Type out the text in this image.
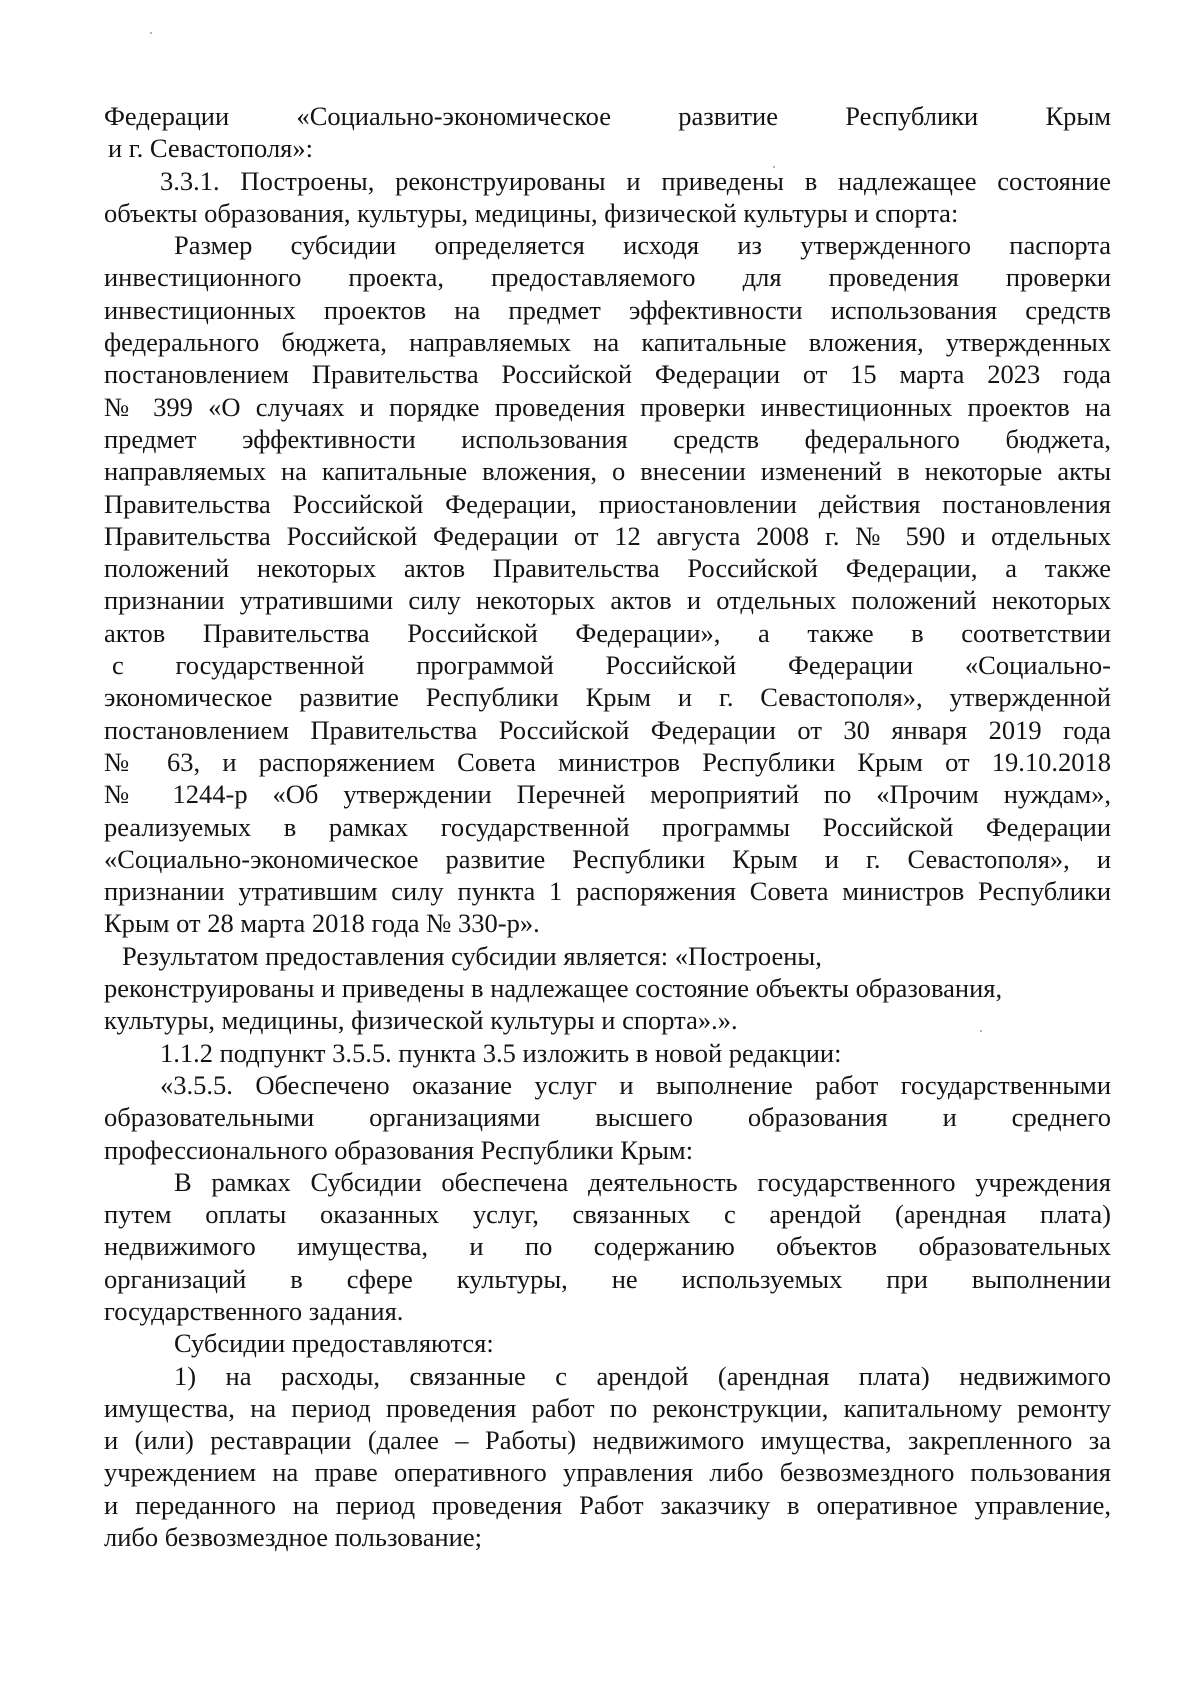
Федерации «Социально-экономическое развитие Республики Крым
и г. Севастополя»:
3.3.1. Построены, реконструированы и приведены в надлежащее состояние
объекты образования, культуры, медицины, физической культуры и спорта:
Размер субсидии определяется исходя из утвержденного паспорта
инвестиционного проекта, предоставляемого для проведения проверки
инвестиционных проектов на предмет эффективности использования средств
федерального бюджета, направляемых на капитальные вложения, утвержденных
постановлением Правительства Российской Федерации от 15 марта 2023 года
№ 399 «О случаях и порядке проведения проверки инвестиционных проектов на
предмет эффективности использования средств федерального бюджета,
направляемых на капитальные вложения, о внесении изменений в некоторые акты
Правительства Российской Федерации, приостановлении действия постановления
Правительства Российской Федерации от 12 августа 2008 г. № 590 и отдельных
положений некоторых актов Правительства Российской Федерации, а также
признании утратившими силу некоторых актов и отдельных положений некоторых
актов Правительства Российской Федерации», а также в соответствии
с государственной программой Российской Федерации «Социально-
экономическое развитие Республики Крым и г. Севастополя», утвержденной
постановлением Правительства Российской Федерации от 30 января 2019 года
№ 63, и распоряжением Совета министров Республики Крым от 19.10.2018
№ 1244-р «Об утверждении Перечней мероприятий по «Прочим нуждам»,
реализуемых в рамках государственной программы Российской Федерации
«Социально-экономическое развитие Республики Крым и г. Севастополя», и
признании утратившим силу пункта 1 распоряжения Совета министров Республики
Крым от 28 марта 2018 года № 330-р».
Результатом предоставления субсидии является: «Построены,
реконструированы и приведены в надлежащее состояние объекты образования,
культуры, медицины, физической культуры и спорта».».
1.1.2 подпункт 3.5.5. пункта 3.5 изложить в новой редакции:
«3.5.5. Обеспечено оказание услуг и выполнение работ государственными
образовательными организациями высшего образования и среднего
профессионального образования Республики Крым:
В рамках Субсидии обеспечена деятельность государственного учреждения
путем оплаты оказанных услуг, связанных с арендой (арендная плата)
недвижимого имущества, и по содержанию объектов образовательных
организаций в сфере культуры, не используемых при выполнении
государственного задания.
Субсидии предоставляются:
1) на расходы, связанные с арендой (арендная плата) недвижимого
имущества, на период проведения работ по реконструкции, капитальному ремонту
и (или) реставрации (далее – Работы) недвижимого имущества, закрепленного за
учреждением на праве оперативного управления либо безвозмездного пользования
и переданного на период проведения Работ заказчику в оперативное управление,
либо безвозмездное пользование;
